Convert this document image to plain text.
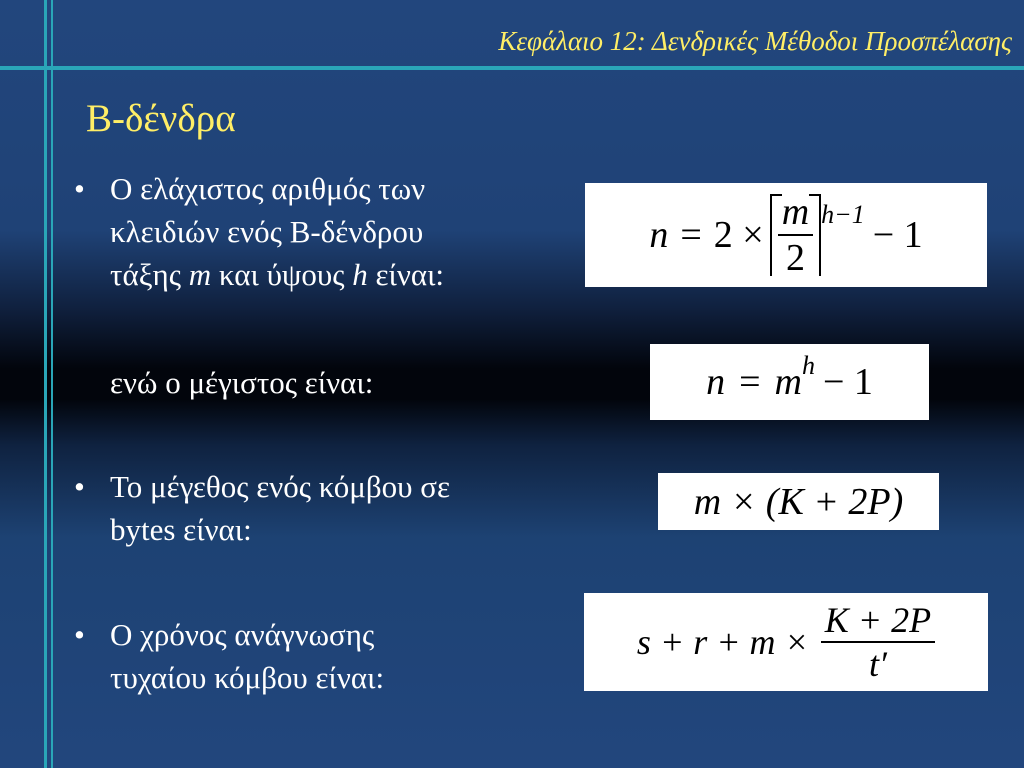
Κεφάλαιο 12: Δενδρικές Μέθοδοι Προσπέλασης
Β-δένδρα
• Ο ελάχιστος αριθμός των
κλειδιών ενός Β-δένδρου
τάξης m και ύψους h είναι:
ενώ ο μέγιστος είναι:
• Το μέγεθος ενός κόμβου σε
bytes είναι:
• Ο χρόνος ανάγνωσης
τυχαίου κόμβου είναι:
$n = 2 \times \frac{m}{2} h-1 - 1$
n = m h − 1
m × (K + 2P)
$s + r + m \times \frac{K + 2P}{t'}$
